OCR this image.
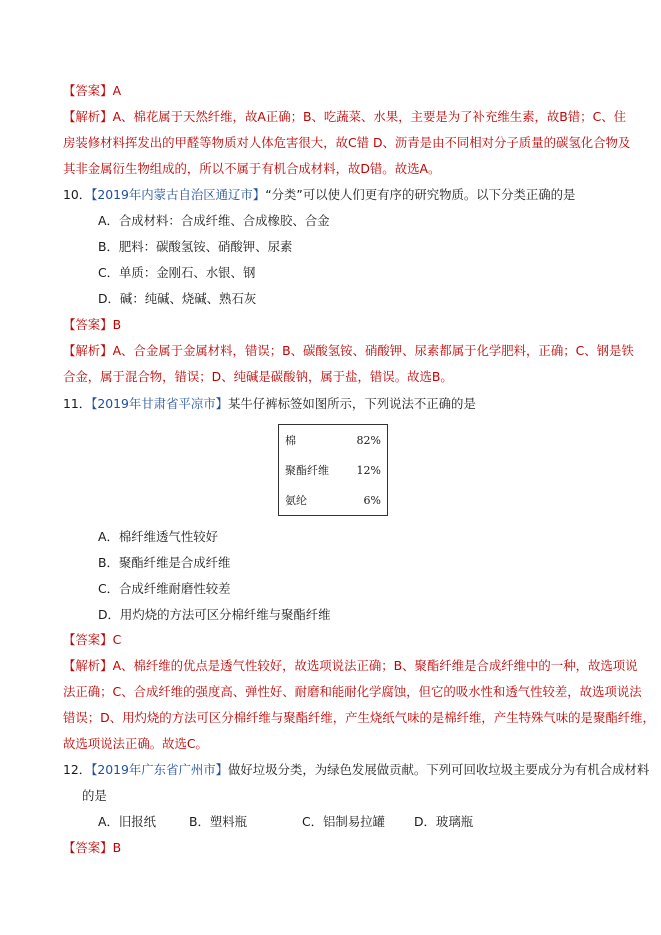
【答案】A
【解析】A、棉花属于天然纤维，故A正确；B、吃蔬菜、水果，主要是为了补充维生素，故B错；C、住
房装修材料挥发出的甲醛等物质对人体危害很大，故C错 D、沥青是由不同相对分子质量的碳氢化合物及
其非金属衍生物组成的，所以不属于有机合成材料，故D错。故选A。
10．【2019年内蒙古自治区通辽市】“分类”可以使人们更有序的研究物质。以下分类正确的是
A．合成材料：合成纤维、合成橡胶、合金
B．肥料：碳酸氢铵、硝酸钾、尿素
C．单质：金刚石、水银、钢
D．碱：纯碱、烧碱、熟石灰
【答案】B
【解析】A、合金属于金属材料，错误；B、碳酸氢铵、硝酸钾、尿素都属于化学肥料，正确；C、钢是铁
合金，属于混合物，错误；D、纯碱是碳酸钠，属于盐，错误。故选B。
11．【2019年甘肃省平凉市】某牛仔裤标签如图所示，下列说法不正确的是
棉	82%
聚酯纤维	12%
氨纶	6%
A．棉纤维透气性较好
B．聚酯纤维是合成纤维
C．合成纤维耐磨性较差
D．用灼烧的方法可区分棉纤维与聚酯纤维
【答案】C
【解析】A、棉纤维的优点是透气性较好，故选项说法正确；B、聚酯纤维是合成纤维中的一种，故选项说
法正确；C、合成纤维的强度高、弹性好、耐磨和能耐化学腐蚀，但它的吸水性和透气性较差，故选项说法
错误；D、用灼烧的方法可区分棉纤维与聚酯纤维，产生烧纸气味的是棉纤维，产生特殊气味的是聚酯纤维，
故选项说法正确。故选C。
12．【2019年广东省广州市】做好垃圾分类，为绿色发展做贡献。下列可回收垃圾主要成分为有机合成材料
的是
A．旧报纸	B．塑料瓶	C．铝制易拉罐 D．玻璃瓶
【答案】B
